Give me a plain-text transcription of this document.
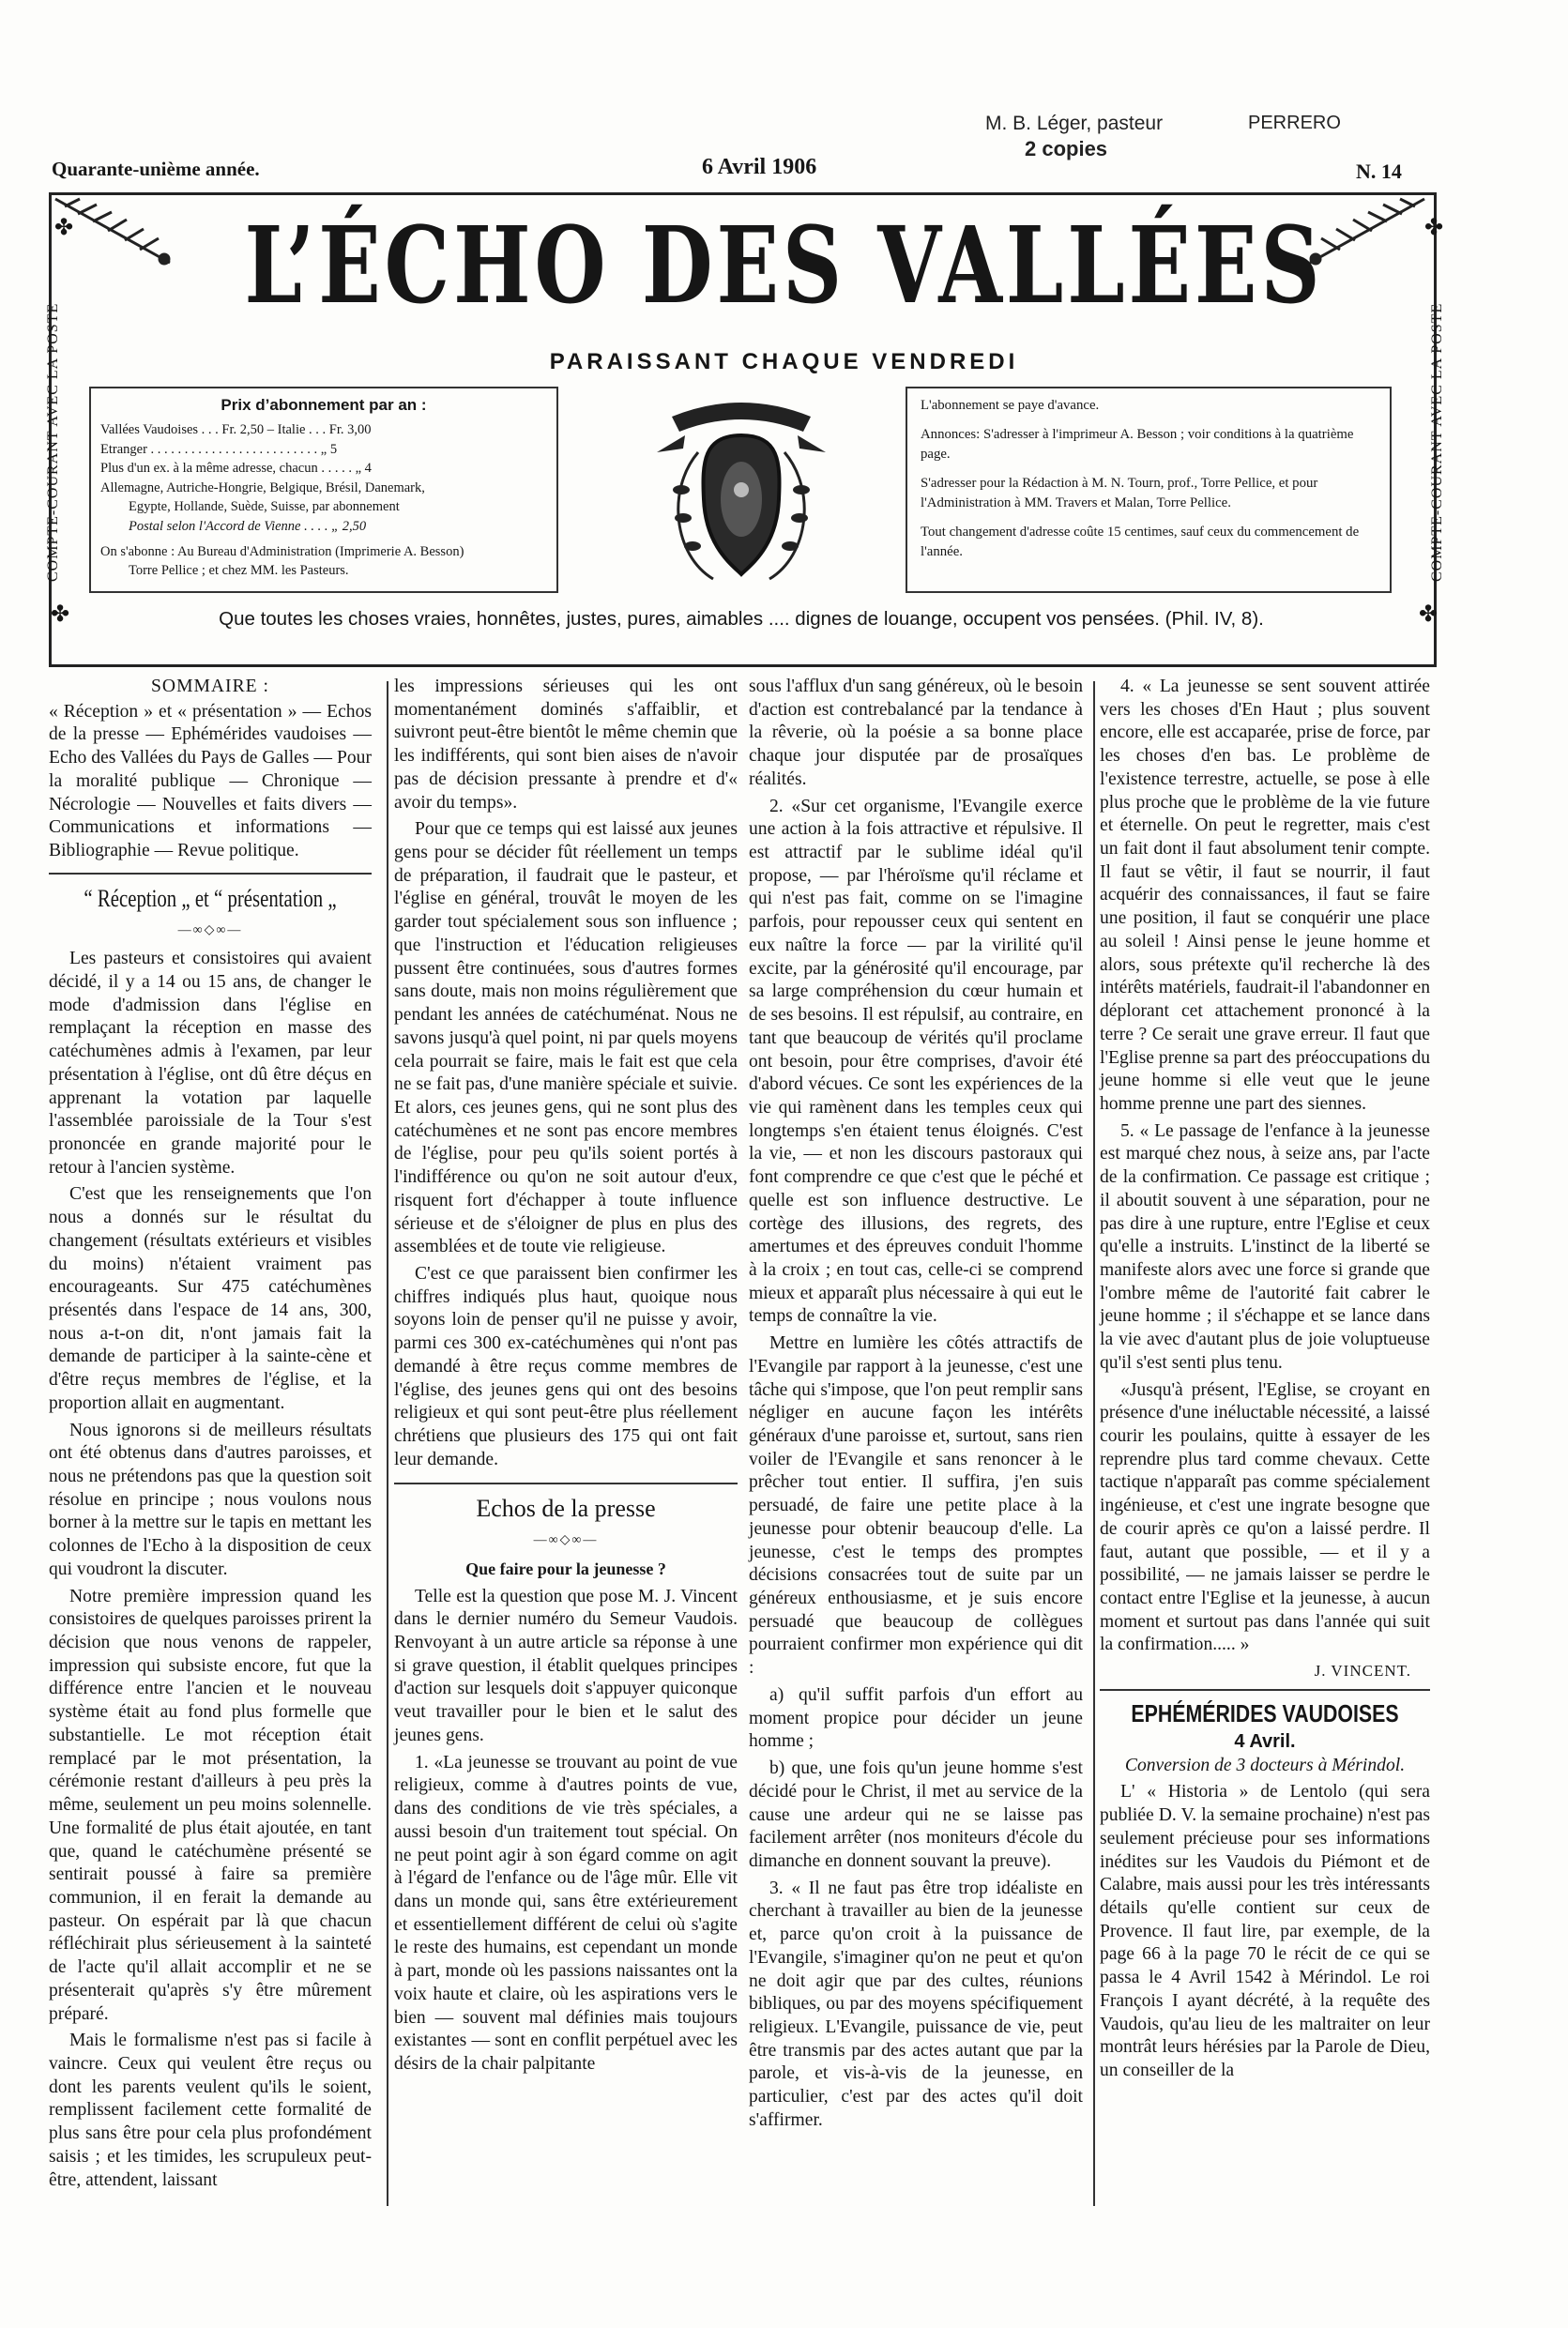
M. B. Léger, pasteur
2 copies
PERRERO
Quarante-unième année.	6 Avril 1906	N. 14
✤	✤
✤	✤
COMPTE-COURANT AVEC LA POSTE	COMPTE-COURANT AVEC LA POSTE
L’ÉCHO DES VALLÉES
PARAISSANT CHAQUE VENDREDI

Prix d’abonnement par an :

Vallées Vaudoises . . . Fr. 2,50 – Italie . . . Fr. 3,00

Etranger . . . . . . . . . . . . . . . . . . . . . . . . . „ 5

Plus d'un ex. à la même adresse, chacun . . . . . „ 4

Allemagne, Autriche-Hongrie, Belgique, Brésil, Danemark,

Egypte, Hollande, Suède, Suisse, par abonnement

Postal selon l'Accord de Vienne . . . . „ 2,50

On s'abonne : Au Bureau d'Administration (Imprimerie A. Besson)

Torre Pellice ; et chez MM. les Pasteurs.

L'abonnement se paye d'avance.

Annonces: S'adresser à l'imprimeur A. Besson ; voir conditions à la quatrième page.

S'adresser pour la Rédaction à M. N. Tourn, prof., Torre Pellice, et pour l'Administration à MM. Travers et Malan, Torre Pellice.

Tout changement d'adresse coûte 15 centimes, sauf ceux du commencement de l'année.

Que toutes les choses vraies, honnêtes, justes, pures, aimables .... dignes de louange, occupent vos pensées. (Phil. IV, 8).
SOMMAIRE :

« Réception » et « présentation » — Echos de la presse — Ephémérides vaudoises — Echo des Vallées du Pays de Galles — Pour la moralité publique — Chronique — Nécrologie — Nouvelles et faits divers — Communications et informations — Bibliographie — Revue politique.

“ Réception „ et “ présentation „
—∞◇∞—

Les pasteurs et consistoires qui avaient décidé, il y a 14 ou 15 ans, de changer le mode d'admission dans l'église en remplaçant la réception en masse des catéchumènes admis à l'examen, par leur présentation à l'église, ont dû être déçus en apprenant la votation par laquelle l'assemblée paroissiale de la Tour s'est prononcée en grande majorité pour le retour à l'ancien système.

C'est que les renseignements que l'on nous a donnés sur le résultat du changement (résultats extérieurs et visibles du moins) n'étaient vraiment pas encourageants. Sur 475 catéchumènes présentés dans l'espace de 14 ans, 300, nous a-t-on dit, n'ont jamais fait la demande de participer à la sainte-cène et d'être reçus membres de l'église, et la proportion allait en augmentant.

Nous ignorons si de meilleurs résultats ont été obtenus dans d'autres paroisses, et nous ne prétendons pas que la question soit résolue en principe ; nous voulons nous borner à la mettre sur le tapis en mettant les colonnes de l'Echo à la disposition de ceux qui voudront la discuter.

Notre première impression quand les consistoires de quelques paroisses prirent la décision que nous venons de rappeler, impression qui subsiste encore, fut que la différence entre l'ancien et le nouveau système était au fond plus formelle que substantielle. Le mot réception était remplacé par le mot présentation, la cérémonie restant d'ailleurs à peu près la même, seulement un peu moins solennelle. Une formalité de plus était ajoutée, en tant que, quand le catéchumène présenté se sentirait poussé à faire sa première communion, il en ferait la demande au pasteur. On espérait par là que chacun réfléchirait plus sérieusement à la sainteté de l'acte qu'il allait accomplir et ne se présenterait qu'après s'y être mûrement préparé.

Mais le formalisme n'est pas si facile à vaincre. Ceux qui veulent être reçus ou dont les parents veulent qu'ils le soient, remplissent facilement cette formalité de plus sans être pour cela plus profondément saisis ; et les timides, les scrupuleux peut-être, attendent, laissant

les impressions sérieuses qui les ont momentanément dominés s'affaiblir, et suivront peut-être bientôt le même chemin que les indifférents, qui sont bien aises de n'avoir pas de décision pressante à prendre et d'« avoir du temps».

Pour que ce temps qui est laissé aux jeunes gens pour se décider fût réellement un temps de préparation, il faudrait que le pasteur, et l'église en général, trouvât le moyen de les garder tout spécialement sous son influence ; que l'instruction et l'éducation religieuses pussent être continuées, sous d'autres formes sans doute, mais non moins régulièrement que pendant les années de catéchuménat. Nous ne savons jusqu'à quel point, ni par quels moyens cela pourrait se faire, mais le fait est que cela ne se fait pas, d'une manière spéciale et suivie. Et alors, ces jeunes gens, qui ne sont plus des catéchumènes et ne sont pas encore membres de l'église, pour peu qu'ils soient portés à l'indifférence ou qu'on ne soit autour d'eux, risquent fort d'échapper à toute influence sérieuse et de s'éloigner de plus en plus des assemblées et de toute vie religieuse.

C'est ce que paraissent bien confirmer les chiffres indiqués plus haut, quoique nous soyons loin de penser qu'il ne puisse y avoir, parmi ces 300 ex-catéchumènes qui n'ont pas demandé à être reçus comme membres de l'église, des jeunes gens qui ont des besoins religieux et qui sont peut-être plus réellement chrétiens que plusieurs des 175 qui ont fait leur demande.

Echos de la presse
—∞◇∞—
Que faire pour la jeunesse ?

Telle est la question que pose M. J. Vincent dans le dernier numéro du Semeur Vaudois. Renvoyant à un autre article sa réponse à une si grave question, il établit quelques principes d'action sur lesquels doit s'appuyer quiconque veut travailler pour le bien et le salut des jeunes gens.

1. «La jeunesse se trouvant au point de vue religieux, comme à d'autres points de vue, dans des conditions de vie très spéciales, a aussi besoin d'un traitement tout spécial. On ne peut point agir à son égard comme on agit à l'égard de l'enfance ou de l'âge mûr. Elle vit dans un monde qui, sans être extérieurement et essentiellement différent de celui où s'agite le reste des humains, est cependant un monde à part, monde où les passions naissantes ont la voix haute et claire, où les aspirations vers le bien — souvent mal définies mais toujours existantes — sont en conflit perpétuel avec les désirs de la chair palpitante

sous l'afflux d'un sang généreux, où le besoin d'action est contrebalancé par la tendance à la rêverie, où la poésie a sa bonne place chaque jour disputée par de prosaïques réalités.

2. «Sur cet organisme, l'Evangile exerce une action à la fois attractive et répulsive. Il est attractif par le sublime idéal qu'il propose, — par l'héroïsme qu'il réclame et qui n'est pas fait, comme on se l'imagine parfois, pour repousser ceux qui sentent en eux naître la force — par la virilité qu'il excite, par la générosité qu'il encourage, par sa large compréhension du cœur humain et de ses besoins. Il est répulsif, au contraire, en tant que beaucoup de vérités qu'il proclame ont besoin, pour être comprises, d'avoir été d'abord vécues. Ce sont les expériences de la vie qui ramènent dans les temples ceux qui longtemps s'en étaient tenus éloignés. C'est la vie, — et non les discours pastoraux qui font comprendre ce que c'est que le péché et quelle est son influence destructive. Le cortège des illusions, des regrets, des amertumes et des épreuves conduit l'homme à la croix ; en tout cas, celle-ci se comprend mieux et apparaît plus nécessaire à qui eut le temps de connaître la vie.

Mettre en lumière les côtés attractifs de l'Evangile par rapport à la jeunesse, c'est une tâche qui s'impose, que l'on peut remplir sans négliger en aucune façon les intérêts généraux d'une paroisse et, surtout, sans rien voiler de l'Evangile et sans renoncer à le prêcher tout entier. Il suffira, j'en suis persuadé, de faire une petite place à la jeunesse pour obtenir beaucoup d'elle. La jeunesse, c'est le temps des promptes décisions consacrées tout de suite par un généreux enthousiasme, et je suis encore persuadé que beaucoup de collègues pourraient confirmer mon expérience qui dit :

a) qu'il suffit parfois d'un effort au moment propice pour décider un jeune homme ;

b) que, une fois qu'un jeune homme s'est décidé pour le Christ, il met au service de la cause une ardeur qui ne se laisse pas facilement arrêter (nos moniteurs d'école du dimanche en donnent souvant la preuve).

3. « Il ne faut pas être trop idéaliste en cherchant à travailler au bien de la jeunesse et, parce qu'on croit à la puissance de l'Evangile, s'imaginer qu'on ne peut et qu'on ne doit agir que par des cultes, réunions bibliques, ou par des moyens spécifiquement religieux. L'Evangile, puissance de vie, peut être transmis par des actes autant que par la parole, et vis-à-vis de la jeunesse, en particulier, c'est par des actes qu'il doit s'affirmer.

4. « La jeunesse se sent souvent attirée vers les choses d'En Haut ; plus souvent encore, elle est accaparée, prise de force, par les choses d'en bas. Le problème de l'existence terrestre, actuelle, se pose à elle plus proche que le problème de la vie future et éternelle. On peut le regretter, mais c'est un fait dont il faut absolument tenir compte. Il faut se vêtir, il faut se nourrir, il faut acquérir des connaissances, il faut se faire une position, il faut se conquérir une place au soleil ! Ainsi pense le jeune homme et alors, sous prétexte qu'il recherche là des intérêts matériels, faudrait-il l'abandonner en déplorant cet attachement prononcé à la terre ? Ce serait une grave erreur. Il faut que l'Eglise prenne sa part des préoccupations du jeune homme si elle veut que le jeune homme prenne une part des siennes.

5. « Le passage de l'enfance à la jeunesse est marqué chez nous, à seize ans, par l'acte de la confirmation. Ce passage est critique ; il aboutit souvent à une séparation, pour ne pas dire à une rupture, entre l'Eglise et ceux qu'elle a instruits. L'instinct de la liberté se manifeste alors avec une force si grande que l'ombre même de l'autorité fait cabrer le jeune homme ; il s'échappe et se lance dans la vie avec d'autant plus de joie voluptueuse qu'il s'est senti plus tenu.

«Jusqu'à présent, l'Eglise, se croyant en présence d'une inéluctable nécessité, a laissé courir les poulains, quitte à essayer de les reprendre plus tard comme chevaux. Cette tactique n'apparaît pas comme spécialement ingénieuse, et c'est une ingrate besogne que de courir après ce qu'on a laissé perdre. Il faut, autant que possible, — et il y a possibilité, — ne jamais laisser se perdre le contact entre l'Eglise et la jeunesse, à aucun moment et surtout pas dans l'année qui suit la confirmation..... »

J. VINCENT.
EPHÉMÉRIDES VAUDOISES
4 Avril.
Conversion de 3 docteurs à Mérindol.

L' « Historia » de Lentolo (qui sera publiée D. V. la semaine prochaine) n'est pas seulement précieuse pour ses informations inédites sur les Vaudois du Piémont et de Calabre, mais aussi pour les très intéressants détails qu'elle contient sur ceux de Provence. Il faut lire, par exemple, de la page 66 à la page 70 le récit de ce qui se passa le 4 Avril 1542 à Mérindol. Le roi François I ayant décrété, à la requête des Vaudois, qu'au lieu de les maltraiter on leur montrât leurs hérésies par la Parole de Dieu, un conseiller de la
